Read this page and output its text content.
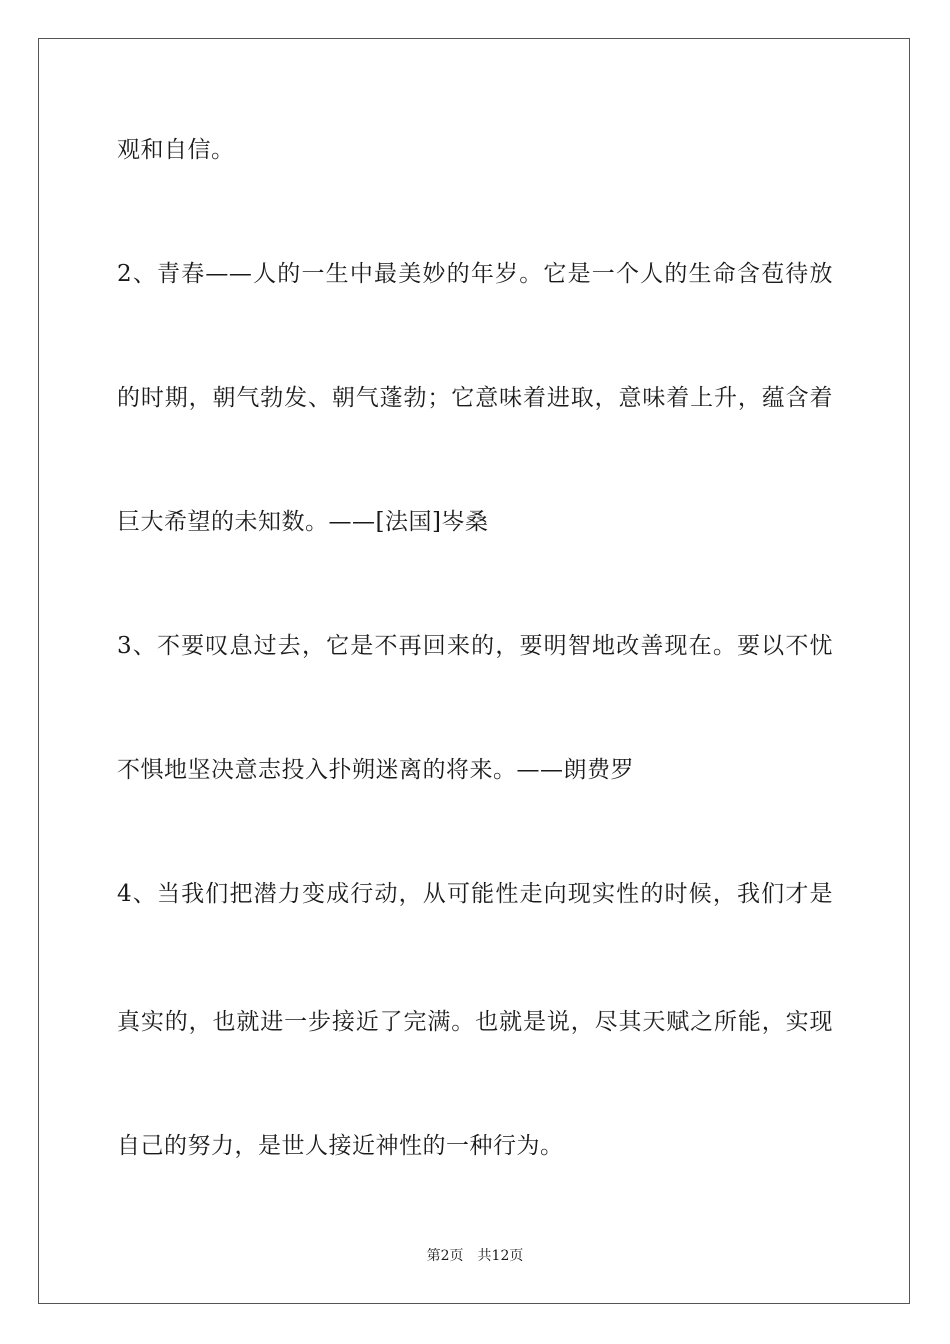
观和自信。
2、青春——人的一生中最美妙的年岁。它是一个人的生命含苞待放
的时期，朝气勃发、朝气蓬勃；它意味着进取，意味着上升，蕴含着
巨大希望的未知数。——[法国]岑桑
3、不要叹息过去，它是不再回来的，要明智地改善现在。要以不忧
不惧地坚决意志投入扑朔迷离的将来。——朗费罗
4、当我们把潜力变成行动，从可能性走向现实性的时候，我们才是
真实的，也就进一步接近了完满。也就是说，尽其天赋之所能，实现
自己的努力，是世人接近神性的一种行为。
第2页 共12页
